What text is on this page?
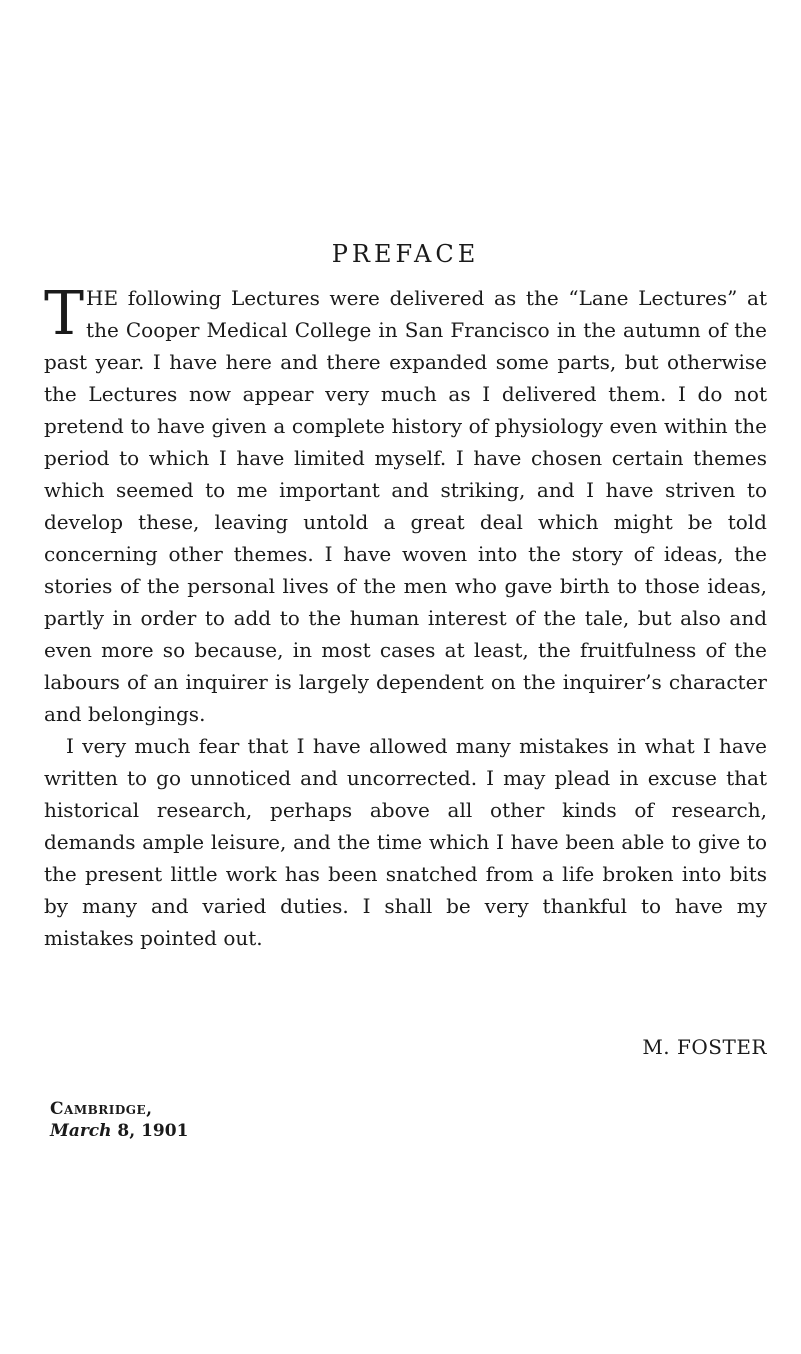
PREFACE

THE following Lectures were delivered as the “Lane Lectures” at the Cooper Medical College in San Francisco in the autumn of the past year. I have here and there expanded some parts, but otherwise the Lectures now appear very much as I delivered them. I do not pretend to have given a complete history of physiology even within the period to which I have limited myself. I have chosen certain themes which seemed to me important and striking, and I have striven to develop these, leaving untold a great deal which might be told concerning other themes. I have woven into the story of ideas, the stories of the personal lives of the men who gave birth to those ideas, partly in order to add to the human interest of the tale, but also and even more so because, in most cases at least, the fruitfulness of the labours of an inquirer is largely dependent on the inquirer’s character and belongings.

I very much fear that I have allowed many mistakes in what I have written to go unnoticed and uncorrected. I may plead in excuse that historical research, perhaps above all other kinds of research, demands ample leisure, and the time which I have been able to give to the present little work has been snatched from a life broken into bits by many and varied duties. I shall be very thankful to have my mistakes pointed out.

M. FOSTER
Cambridge,
March 8, 1901
